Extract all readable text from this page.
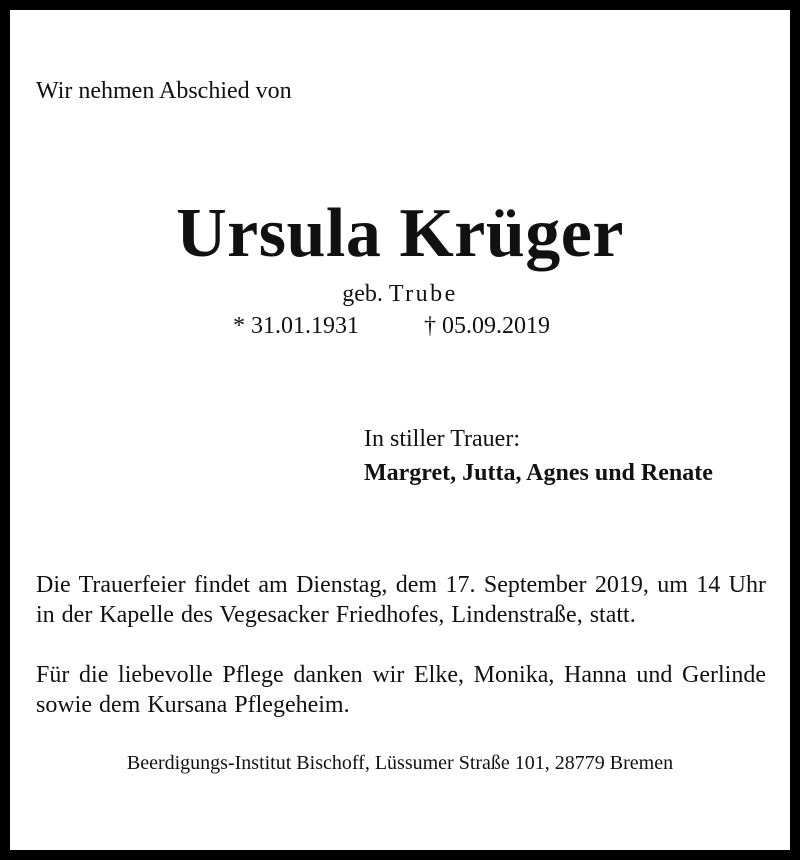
Wir nehmen Abschied von
Ursula Krüger
geb. Trube
* 31.01.1931	† 05.09.2019
In stiller Trauer:
Margret, Jutta, Agnes und Renate
Die Trauerfeier findet am Dienstag, dem 17. September 2019, um 14 Uhr in der Kapelle des Vegesacker Friedhofes, Lindenstraße, statt.
Für die liebevolle Pflege danken wir Elke, Monika, Hanna und Gerlinde sowie dem Kursana Pflegeheim.
Beerdigungs-Institut Bischoff, Lüssumer Straße 101, 28779 Bremen
